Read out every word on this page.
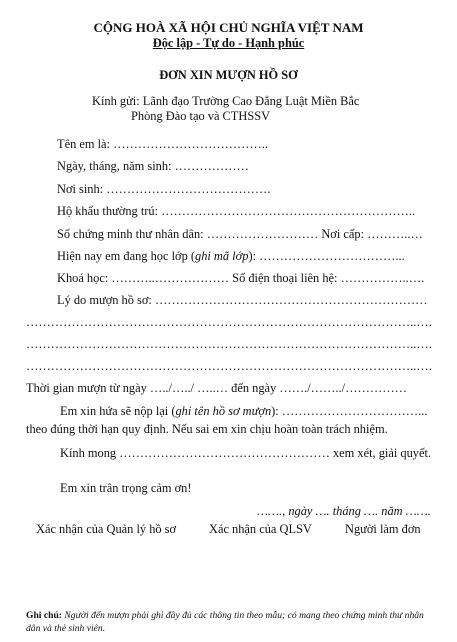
CỘNG HOÀ XÃ HỘI CHỦ NGHĨA VIỆT NAM
Độc lập - Tự do - Hạnh phúc
ĐƠN XIN MƯỢN HỒ SƠ
Kính gửi: Lãnh đạo Trường Cao Đẳng Luật Miền Bắc
Phòng Đào tạo và CTHSSV
Tên em là: ………………………………..
Ngày, tháng, năm sinh: ………………
Nơi sinh: ………………………………….
Hộ khẩu thường trú: ……………………………………………………..
Số chứng minh thư nhân dân: ……………………… Nơi cấp: ………..…
Hiện nay em đang học lớp (ghi mã lớp): ……………………………...
Khoá học: ………..……………… Số điện thoại liên hệ: ……………..….
Lý do mượn hồ sơ: …………………………………………………………
…………………………………………………………………………………..….
…………………………………………………………………………………..….
…………………………………………………………………………………..….
Thời gian mượn từ ngày …../…../ …..… đến ngày ……./……../……………
Em xin hứa sẽ nộp lại (ghi tên hồ sơ mượn): ……………………………...
theo đúng thời hạn quy định. Nếu sai em xin chịu hoàn toàn trách nhiệm.
Kính mong …………………………………………… xem xét, giải quyết.
Em xin trân trọng cảm ơn!
……., ngày …. tháng …. năm …….
Xác nhận của Quản lý hồ sơ	Xác nhận của QLSV	Người làm đơn
Ghi chú: Người đến mượn phải ghi đầy đủ các thông tin theo mẫu; có mang theo chứng minh thư nhân
dân và thẻ sinh viên.
